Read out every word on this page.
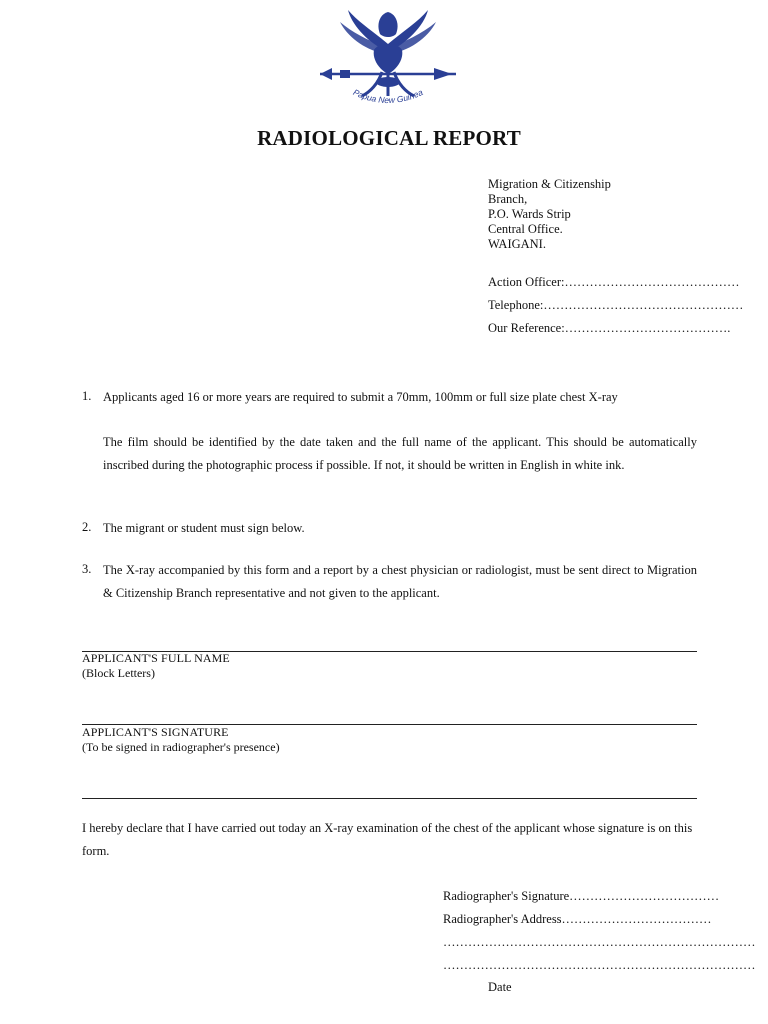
Papua New Guinea
RADIOLOGICAL REPORT
Migration & Citizenship
Branch,
P.O. Wards Strip
Central Office.
WAIGANI.
Action Officer:……………………………………
Telephone:…………………………………………
Our Reference:………………………………….
1. Applicants aged 16 or more years are required to submit a 70mm, 100mm or full size plate chest X-ray
The film should be identified by the date taken and the full name of the applicant. This should be automatically inscribed during the photographic process if possible. If not, it should be written in English in white ink.
2. The migrant or student must sign below.
3. The X-ray accompanied by this form and a report by a chest physician or radiologist, must be sent direct to Migration & Citizenship Branch representative and not given to the applicant.
APPLICANT'S FULL NAME
(Block Letters)
APPLICANT'S SIGNATURE
(To be signed in radiographer's presence)
I hereby declare that I have carried out today an X-ray examination of the chest of the applicant whose signature is on this form.
Radiographer's Signature………………………………
Radiographer's Address………………………………
…………………………………………………………………
…………………………………………………………………
Date
